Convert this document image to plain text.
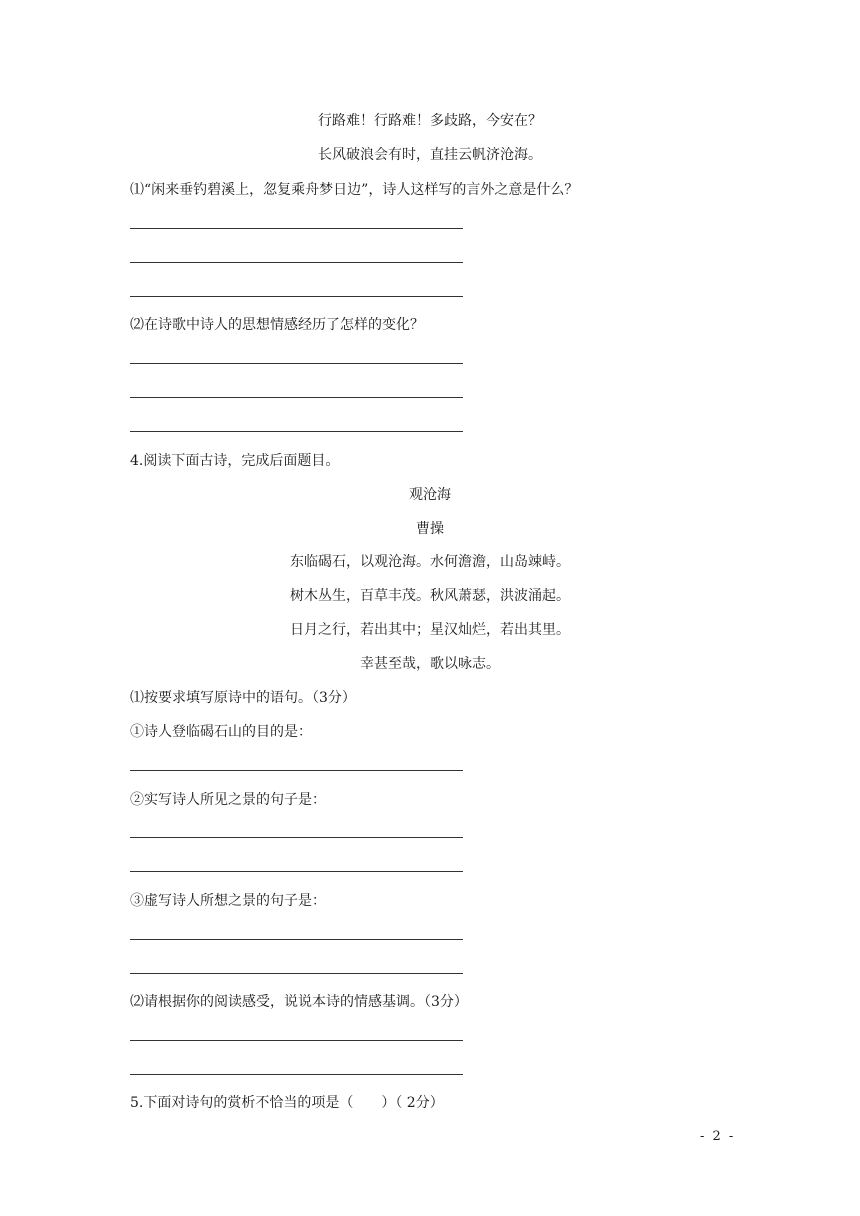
行路难！行路难！多歧路，今安在？
长风破浪会有时，直挂云帆济沧海。
⑴“闲来垂钓碧溪上，忽复乘舟梦日边”，诗人这样写的言外之意是什么？
⑵在诗歌中诗人的思想情感经历了怎样的变化？
4.阅读下面古诗，完成后面题目。
观沧海
曹操
东临碣石，以观沧海。水何澹澹，山岛竦峙。
树木丛生，百草丰茂。秋风萧瑟，洪波涌起。
日月之行，若出其中；星汉灿烂，若出其里。
幸甚至哉，歌以咏志。
⑴按要求填写原诗中的语句。（3分）
①诗人登临碣石山的目的是：
②实写诗人所见之景的句子是：
③虚写诗人所想之景的句子是：
⑵请根据你的阅读感受，说说本诗的情感基调。（3分）
5.下面对诗句的赏析不恰当的项是（　　）（ 2分）
- 2 -
